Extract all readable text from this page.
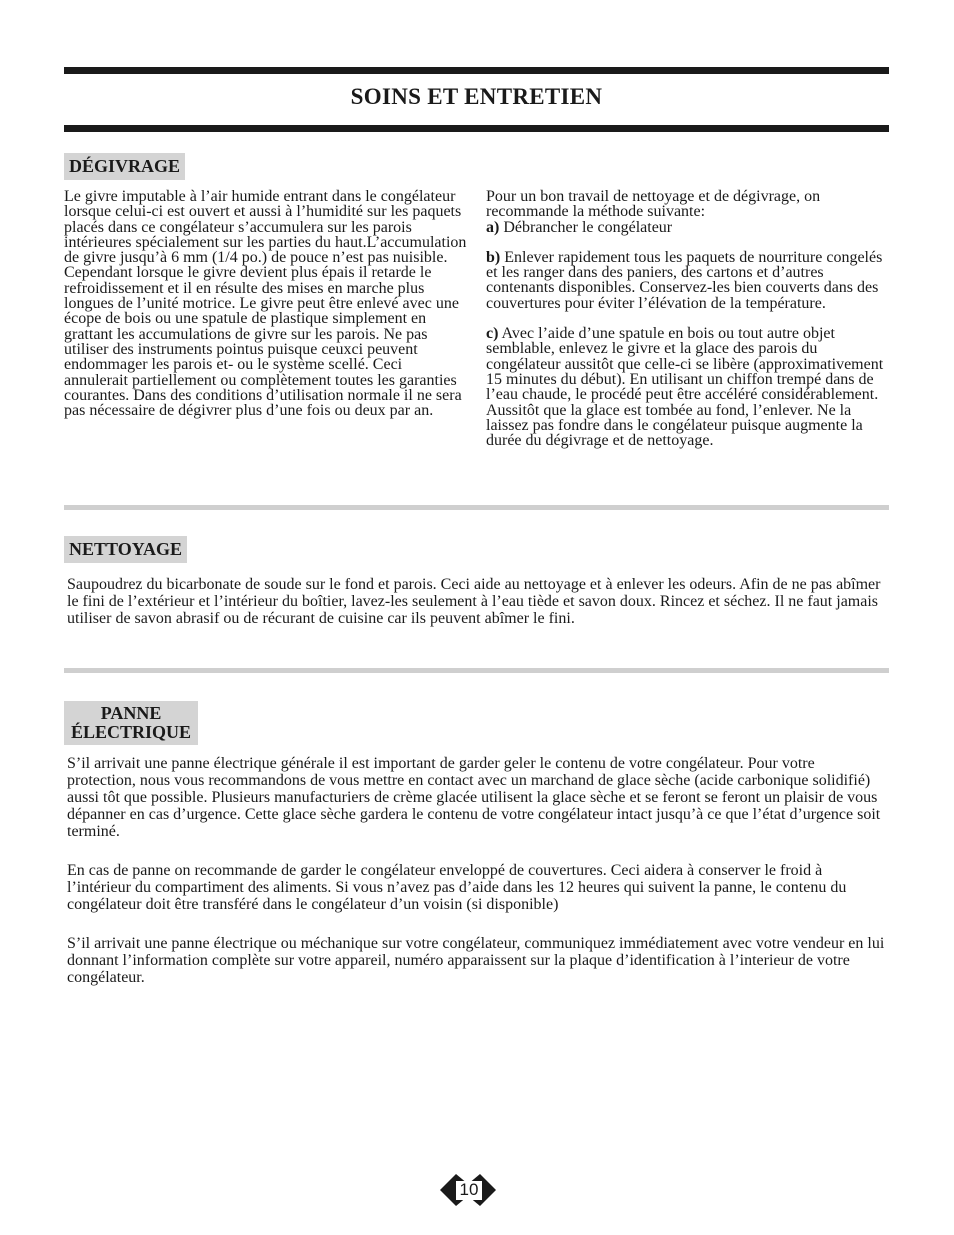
SOINS ET ENTRETIEN
DÉGIVRAGE

Le givre imputable à l’air humide entrant dans le congélateur lorsque celui-ci est ouvert et aussi à l’humidité sur les paquets placés dans ce congélateur s’accumulera sur les parois intérieures spécialement sur les parties du haut.L’accumulation de givre jusqu’à 6 mm (1/4 po.) de pouce n’est pas nuisible. Cependant lorsque le givre devient plus épais il retarde le refroidissement et il en résulte des mises en marche plus longues de l’unité motrice. Le givre peut être enlevé avec une écope de bois ou une spatule de plastique simplement en grattant les accumulations de givre sur les parois. Ne pas utiliser des instruments pointus puisque ceuxci peuvent endommager les parois et- ou le système scellé. Ceci annulerait partiellement ou complètement toutes les garanties courantes. Dans des conditions d’utilisation normale il ne sera pas nécessaire de dégivrer plus d’une fois ou deux par an.

Pour un bon travail de nettoyage et de dégivrage, on recommande la méthode suivante:
a) Débrancher le congélateur

b) Enlever rapidement tous les paquets de nourriture congelés et les ranger dans des paniers, des cartons et d’autres contenants disponibles. Conservez-les bien couverts dans des couvertures pour éviter l’élévation de la température.

c) Avec l’aide d’une spatule en bois ou tout autre objet semblable, enlevez le givre et la glace des parois du congélateur aussitôt que celle-ci se libère (approximativement 15 minutes du début). En utilisant un chiffon trempé dans de l’eau chaude, le procédé peut être accéléré considérablement. Aussitôt que la glace est tombée au fond, l’enlever. Ne la laissez pas fondre dans le congélateur puisque augmente la durée du dégivrage et de nettoyage.

NETTOYAGE

Saupoudrez du bicarbonate de soude sur le fond et parois. Ceci aide au nettoyage et à enlever les odeurs. Afin de ne pas abîmer le fini de l’extérieur et l’intérieur du boîtier, lavez-les seulement à l’eau tiède et savon doux. Rincez et séchez. Il ne faut jamais utiliser de savon abrasif ou de récurant de cuisine car ils peuvent abîmer le fini.

PANNE
ÉLECTRIQUE

S’il arrivait une panne électrique générale il est important de garder geler le contenu de votre congélateur. Pour votre protection, nous vous recommandons de vous mettre en contact avec un marchand de glace sèche (acide carbonique solidifié) aussi tôt que possible. Plusieurs manufacturiers de crème glacée utilisent la glace sèche et se feront se feront un plaisir de vous dépanner en cas d’urgence. Cette glace sèche gardera le contenu de votre congélateur intact jusqu’à ce que l’état d’urgence soit terminé.

En cas de panne on recommande de garder le congélateur enveloppé de couvertures. Ceci aidera à conserver le froid à l’intérieur du compartiment des aliments. Si vous n’avez pas d’aide dans les 12 heures qui suivent la panne, le contenu du congélateur doit être transféré dans le congélateur d’un voisin (si disponible)

S’il arrivait une panne électrique ou méchanique sur votre congélateur, communiquez immédiatement avec votre vendeur en lui donnant l’information complète sur votre appareil, numéro apparaissent sur la plaque d’identification à l’interieur de votre congélateur.

10
